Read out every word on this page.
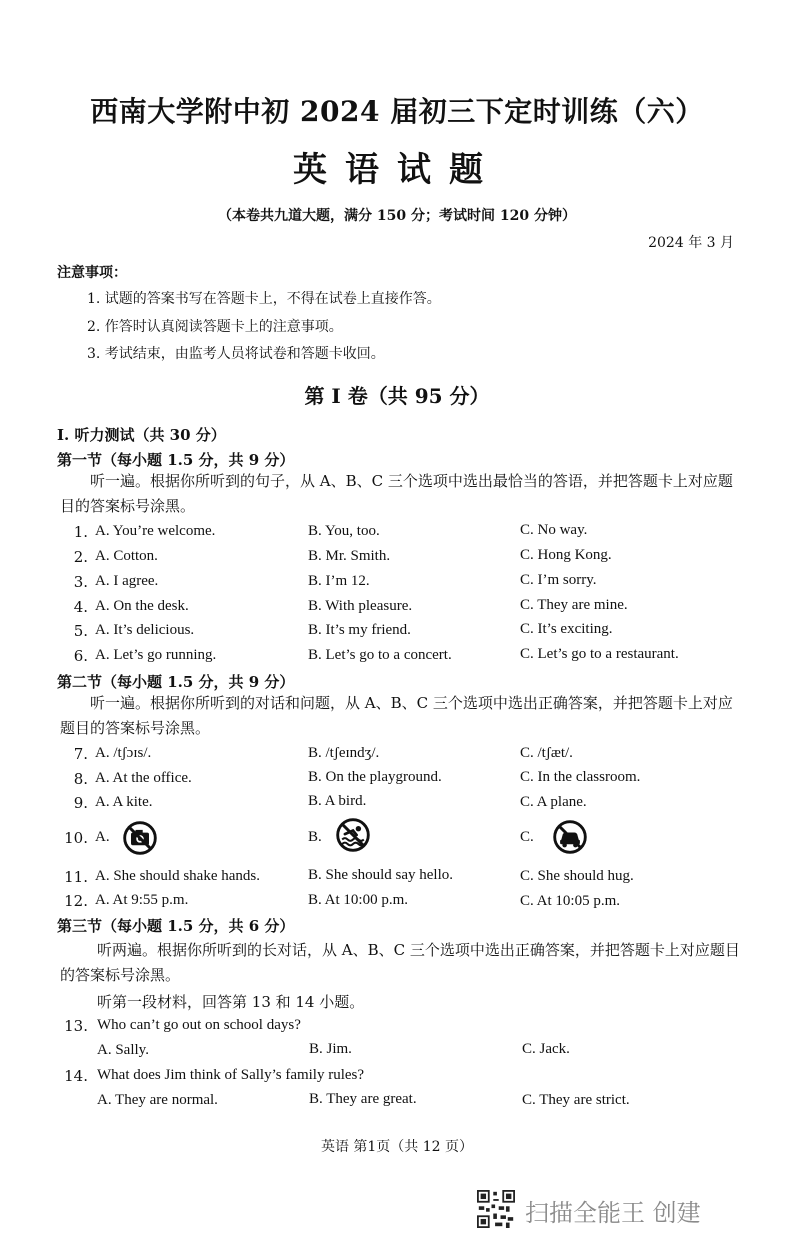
西南大学附中初 2024 届初三下定时训练（六）
英语试题
（本卷共九道大题，满分 150 分；考试时间 120 分钟）
2024 年 3 月
注意事项：
1. 试题的答案书写在答题卡上，不得在试卷上直接作答。
2. 作答时认真阅读答题卡上的注意事项。
3. 考试结束，由监考人员将试卷和答题卡收回。
第 I 卷（共 95 分）
I. 听力测试（共 30 分）
第一节（每小题 1.5 分，共 9 分）
听一遍。根据你所听到的句子，从 A、B、C 三个选项中选出最恰当的答语，并把答题卡上对应题目的答案标号涂黑。
1. A. You’re welcome.	B. You, too.	C. No way.
2. A. Cotton.	B. Mr. Smith.	C. Hong Kong.
3. A. I agree.	B. I’m 12.	C. I’m sorry.
4. A. On the desk.	B. With pleasure.	C. They are mine.
5. A. It’s delicious.	B. It’s my friend.	C. It’s exciting.
6. A. Let’s go running.	B. Let’s go to a concert.	C. Let’s go to a restaurant.
第二节（每小题 1.5 分，共 9 分）
听一遍。根据你所听到的对话和问题，从 A、B、C 三个选项中选出正确答案，并把答题卡上对应题目的答案标号涂黑。
7. A. /tʃɔɪs/.	B. /tʃeɪndʒ/.	C. /tʃæt/.
8. A. At the office.	B. On the playground.	C. In the classroom.
9. A. A kite.	B. A bird.	C. A plane.
10. A.	B.	C.
11. A. She should shake hands.	B. She should say hello.	C. She should hug.
12. A. At 9:55 p.m.	B. At 10:00 p.m.	C. At 10:05 p.m.
第三节（每小题 1.5 分，共 6 分）
听两遍。根据你所听到的长对话，从 A、B、C 三个选项中选出正确答案，并把答题卡上对应题目的答案标号涂黑。
听第一段材料，回答第 13 和 14 小题。
13. Who can’t go out on school days?
A. Sally.	B. Jim.	C. Jack.
14. What does Jim think of Sally’s family rules?
A. They are normal.	B. They are great.	C. They are strict.
英语 第1页（共 12 页）
扫描全能王 创建
